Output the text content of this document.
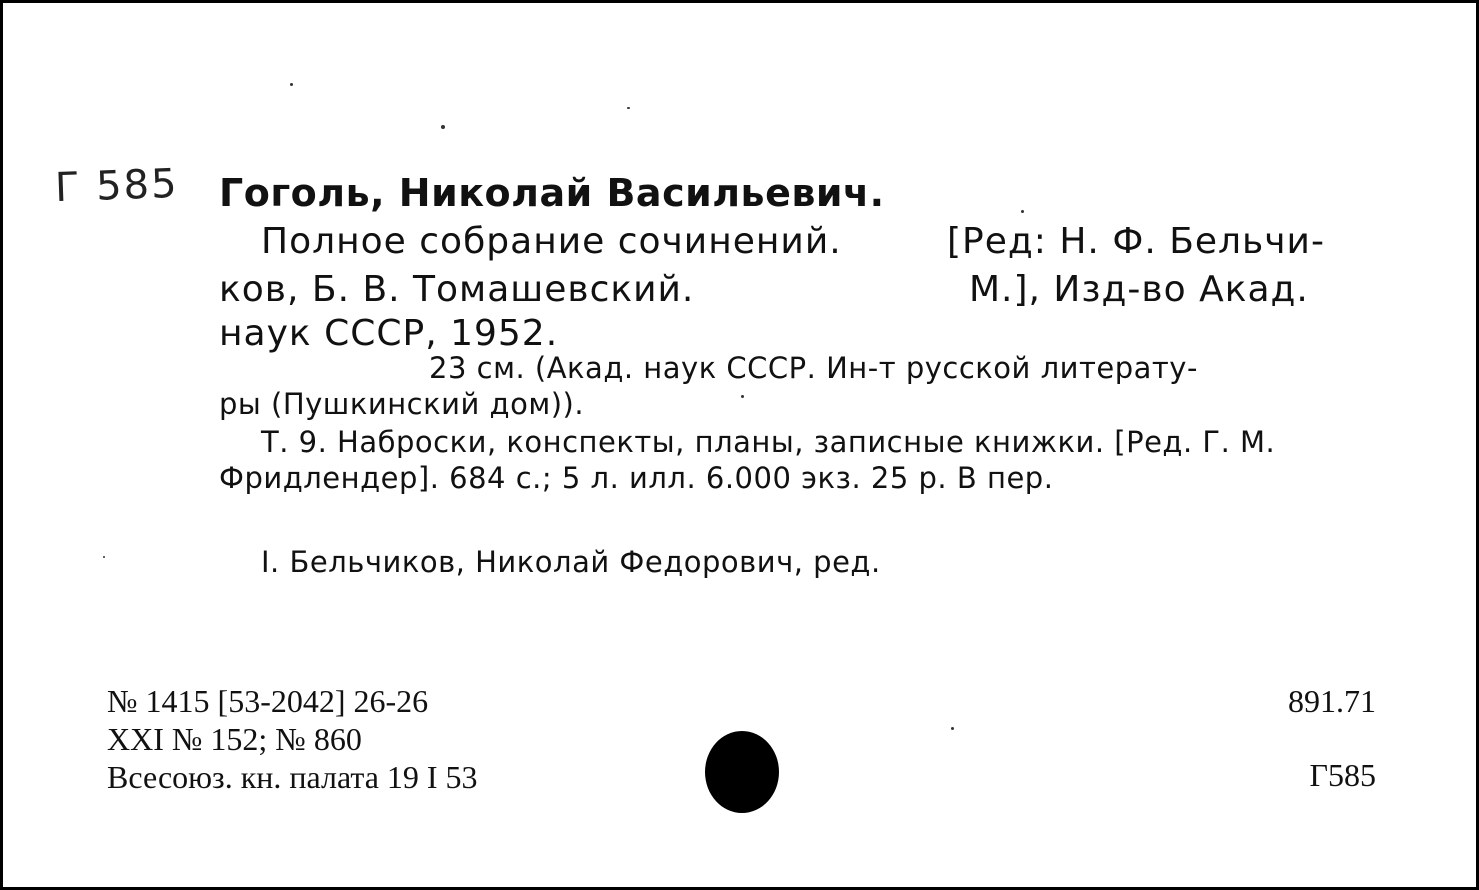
Г 585 Гоголь, Николай Васильевич.
Полное собрание сочинений.	[Ред: Н. Ф. Бельчи-
ков, Б. В. Томашевский.	М.], Изд-во Акад.
наук СССР, 1952.
23 см. (Акад. наук СССР. Ин-т русской литерату-
ры (Пушкинский дом)).
Т. 9. Наброски, конспекты, планы, записные книжки. [Ред. Г. М.
Фридлендер]. 684 с.; 5 л. илл. 6.000 экз. 25 р. В пер.
I. Бельчиков, Николай Федорович, ред.
№ 1415 [53-2042] 26-26
XXI № 152; № 860
Всесоюз. кн. палата 19 I 53
891.71
Г585
